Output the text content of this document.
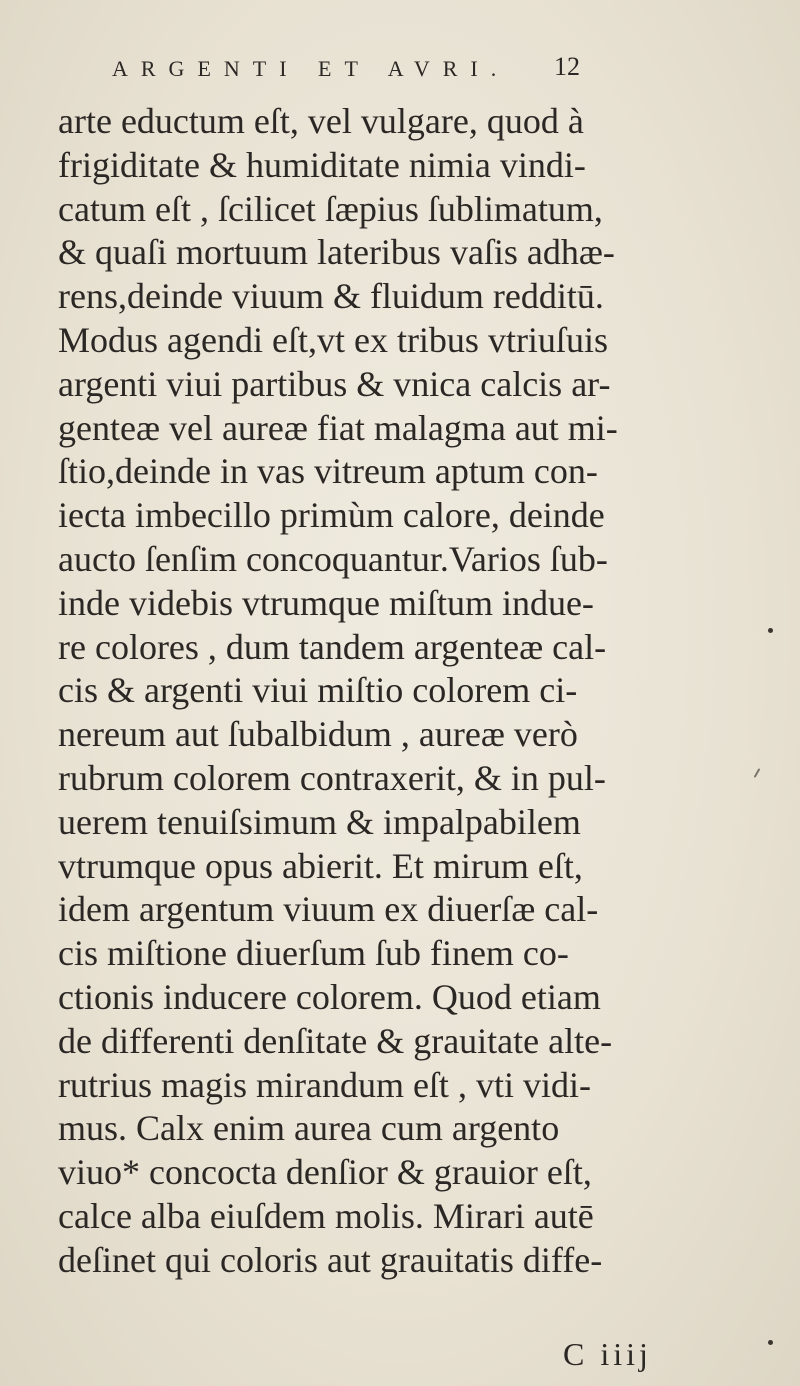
ARGENTI ET AVRI. 12
arte eductum eſt, vel vulgare, quod à
frigiditate & humiditate nimia vindi-
catum eſt , ſcilicet ſæpius ſublimatum,
& quaſi mortuum lateribus vaſis adhæ-
rens,deinde viuum & fluidum redditū.
Modus agendi eſt,vt ex tribus vtriuſuis
argenti viui partibus & vnica calcis ar-
genteæ vel aureæ fiat malagma aut mi-
ſtio,deinde in vas vitreum aptum con-
iecta imbecillo primùm calore, deinde
aucto ſenſim concoquantur.Varios ſub-
inde videbis vtrumque miſtum indue-
re colores , dum tandem argenteæ cal-
cis & argenti viui miſtio colorem ci-
nereum aut ſubalbidum , aureæ verò
rubrum colorem contraxerit, & in pul-
uerem tenuiſsimum & impalpabilem
vtrumque opus abierit. Et mirum eſt,
idem argentum viuum ex diuerſæ cal-
cis miſtione diuerſum ſub finem co-
ctionis inducere colorem. Quod etiam
de differenti denſitate & grauitate alte-
rutrius magis mirandum eſt , vti vidi-
mus. Calx enim aurea cum argento
viuo* concocta denſior & grauior eſt,
calce alba eiuſdem molis. Mirari autē
deſinet qui coloris aut grauitatis diffe-
C iiij
